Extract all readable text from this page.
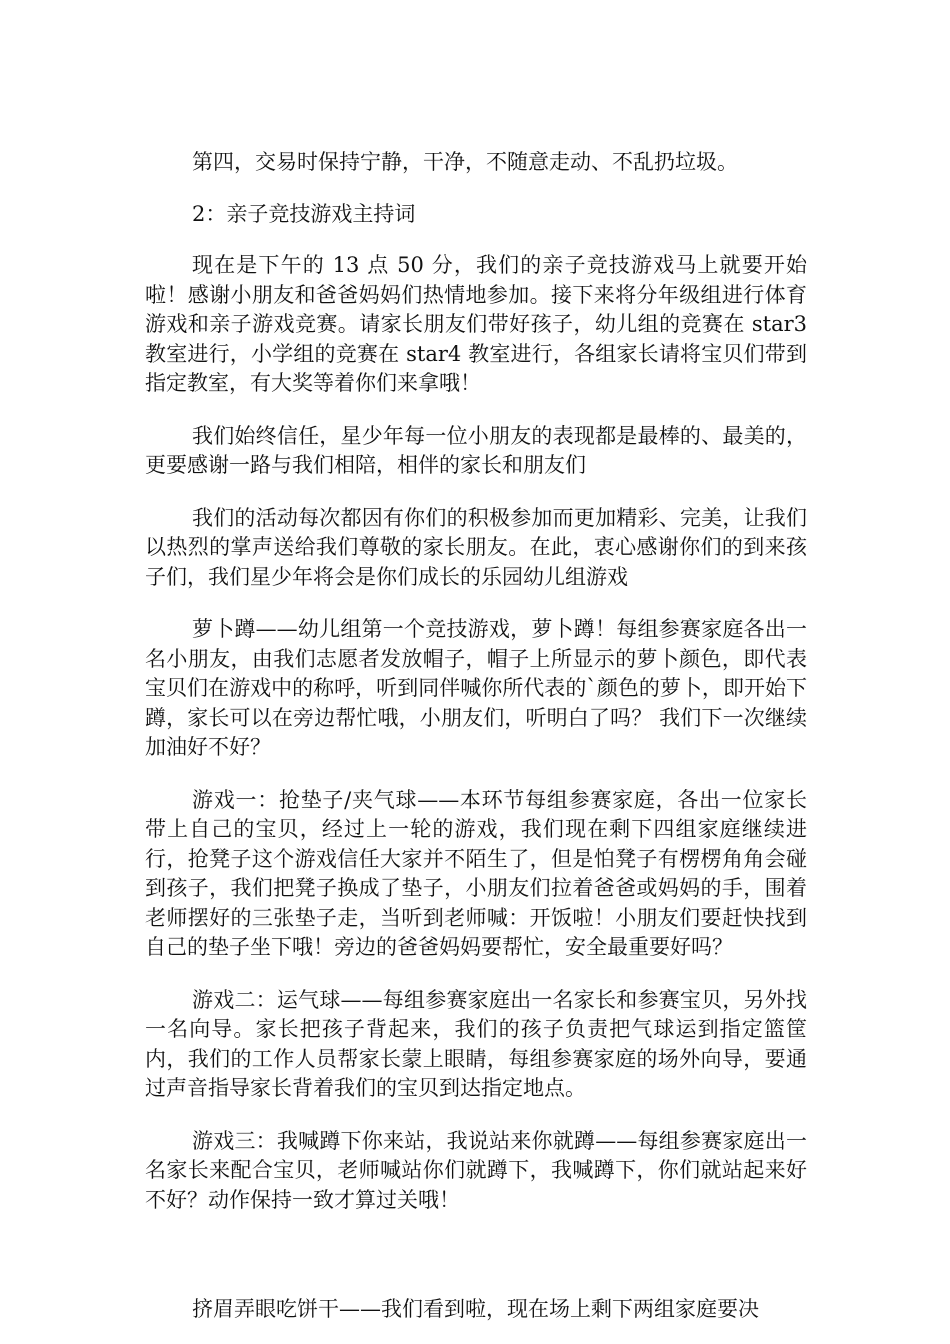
第四，交易时保持宁静，干净，不随意走动、不乱扔垃圾。

2：亲子竞技游戏主持词

现在是下午的 13 点 50 分，我们的亲子竞技游戏马上就要开始啦！感谢小朋友和爸爸妈妈们热情地参加。接下来将分年级组进行体育游戏和亲子游戏竞赛。请家长朋友们带好孩子，幼儿组的竞赛在 star3 教室进行，小学组的竞赛在 star4 教室进行，各组家长请将宝贝们带到指定教室，有大奖等着你们来拿哦！

我们始终信任，星少年每一位小朋友的表现都是最棒的、最美的，更要感谢一路与我们相陪，相伴的家长和朋友们

我们的活动每次都因有你们的积极参加而更加精彩、完美，让我们以热烈的掌声送给我们尊敬的家长朋友。在此，衷心感谢你们的到来孩子们，我们星少年将会是你们成长的乐园幼儿组游戏

萝卜蹲——幼儿组第一个竞技游戏，萝卜蹲！每组参赛家庭各出一名小朋友，由我们志愿者发放帽子，帽子上所显示的萝卜颜色，即代表宝贝们在游戏中的称呼，听到同伴喊你所代表的`颜色的萝卜，即开始下蹲，家长可以在旁边帮忙哦，小朋友们，听明白了吗？ 我们下一次继续加油好不好？

游戏一：抢垫子/夹气球——本环节每组参赛家庭，各出一位家长带上自己的宝贝，经过上一轮的游戏，我们现在剩下四组家庭继续进行，抢凳子这个游戏信任大家并不陌生了，但是怕凳子有楞楞角角会碰到孩子，我们把凳子换成了垫子，小朋友们拉着爸爸或妈妈的手，围着老师摆好的三张垫子走，当听到老师喊：开饭啦！小朋友们要赶快找到自己的垫子坐下哦！旁边的爸爸妈妈要帮忙，安全最重要好吗？

游戏二：运气球——每组参赛家庭出一名家长和参赛宝贝，另外找一名向导。家长把孩子背起来，我们的孩子负责把气球运到指定篮筐内，我们的工作人员帮家长蒙上眼睛，每组参赛家庭的场外向导，要通过声音指导家长背着我们的宝贝到达指定地点。

游戏三：我喊蹲下你来站，我说站来你就蹲——每组参赛家庭出一名家长来配合宝贝，老师喊站你们就蹲下，我喊蹲下，你们就站起来好不好？动作保持一致才算过关哦！

挤眉弄眼吃饼干——我们看到啦，现在场上剩下两组家庭要决
